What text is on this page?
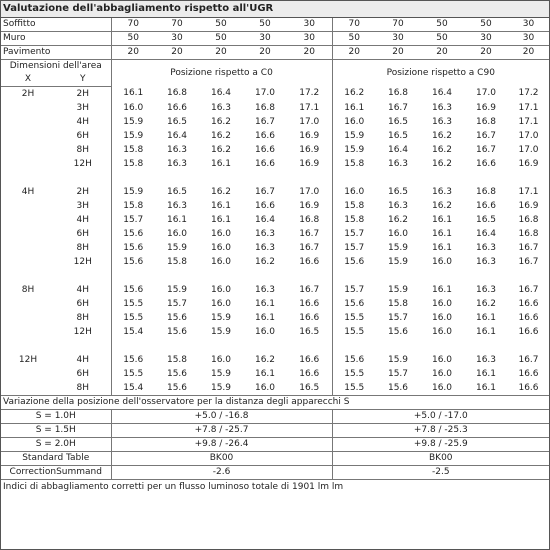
Valutazione dell'abbagliamento rispetto all'UGR
Soffitto		70	70	50	50	30	70	70	50	50	30
Muro		50	30	50	30	30	50	30	50	30	30
Pavimento		20	20	20	20	20	20	20	20	20	20
Dimensioni dell'area		Posizione rispetto a C0					Posizione rispetto a C90				
X	Y										
2H	2H	16.1	16.8	16.4	17.0	17.2	16.2	16.8	16.4	17.0	17.2
	3H	16.0	16.6	16.3	16.8	17.1	16.1	16.7	16.3	16.9	17.1
	4H	15.9	16.5	16.2	16.7	17.0	16.0	16.5	16.3	16.8	17.1
	6H	15.9	16.4	16.2	16.6	16.9	15.9	16.5	16.2	16.7	17.0
	8H	15.8	16.3	16.2	16.6	16.9	15.9	16.4	16.2	16.7	17.0
	12H	15.8	16.3	16.1	16.6	16.9	15.8	16.3	16.2	16.6	16.9

4H	2H	15.9	16.5	16.2	16.7	17.0	16.0	16.5	16.3	16.8	17.1
	3H	15.8	16.3	16.1	16.6	16.9	15.8	16.3	16.2	16.6	16.9
	4H	15.7	16.1	16.1	16.4	16.8	15.8	16.2	16.1	16.5	16.8
	6H	15.6	16.0	16.0	16.3	16.7	15.7	16.0	16.1	16.4	16.8
	8H	15.6	15.9	16.0	16.3	16.7	15.7	15.9	16.1	16.3	16.7
	12H	15.6	15.8	16.0	16.2	16.6	15.6	15.9	16.0	16.3	16.7

8H	4H	15.6	15.9	16.0	16.3	16.7	15.7	15.9	16.1	16.3	16.7
	6H	15.5	15.7	16.0	16.1	16.6	15.6	15.8	16.0	16.2	16.6
	8H	15.5	15.6	15.9	16.1	16.6	15.5	15.7	16.0	16.1	16.6
	12H	15.4	15.6	15.9	16.0	16.5	15.5	15.6	16.0	16.1	16.6

12H	4H	15.6	15.8	16.0	16.2	16.6	15.6	15.9	16.0	16.3	16.7
	6H	15.5	15.6	15.9	16.1	16.6	15.5	15.7	16.0	16.1	16.6
	8H	15.4	15.6	15.9	16.0	16.5	15.5	15.6	16.0	16.1	16.6
Variazione della posizione dell'osservatore per la distanza degli apparecchi S											
S = 1.0H		+5.0 / -16.8					+5.0 / -17.0				
S = 1.5H		+7.8 / -25.7					+7.8 / -25.3				
S = 2.0H		+9.8 / -26.4					+9.8 / -25.9				
Standard Table		BK00					BK00				
CorrectionSummand		-2.6					-2.5				
Indici di abbagliamento corretti per un flusso luminoso totale di 1901 lm lm											
